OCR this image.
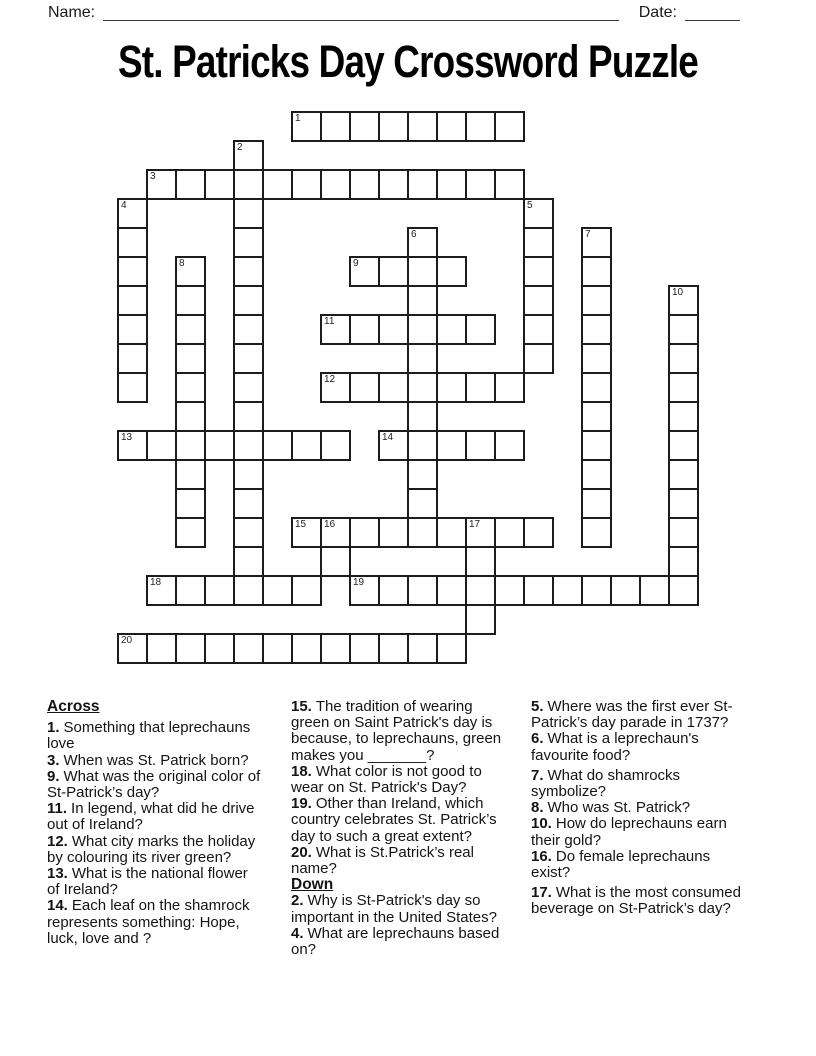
Name:	Date:
St. Patricks Day Crossword Puzzle
1
2
3
4	5
6	7
8	9
10
11
12
13	14
15 16	17
18	19
20
Across

1. Something that leprechauns love

3. When was St. Patrick born?

9. What was the original color of St-Patrick’s day?

11. In legend, what did he drive out of Ireland?

12. What city marks the holiday by colouring its river green?

13. What is the national flower of Ireland?

14. Each leaf on the shamrock represents something: Hope, luck, love and ?

15. The tradition of wearing green on Saint Patrick's day is because, to leprechauns, green makes you _______?

18. What color is not good to wear on St. Patrick's Day?

19. Other than Ireland, which country celebrates St. Patrick’s day to such a great extent?

20. What is St.Patrick’s real name?

Down

2. Why is St-Patrick's day so important in the United States?

4. What are leprechauns based on?

5. Where was the first ever St-Patrick’s day parade in 1737?

6. What is a leprechaun's favourite food?

7. What do shamrocks symbolize?

8. Who was St. Patrick?

10. How do leprechauns earn their gold?

16. Do female leprechauns exist?

17. What is the most consumed beverage on St-Patrick’s day?
